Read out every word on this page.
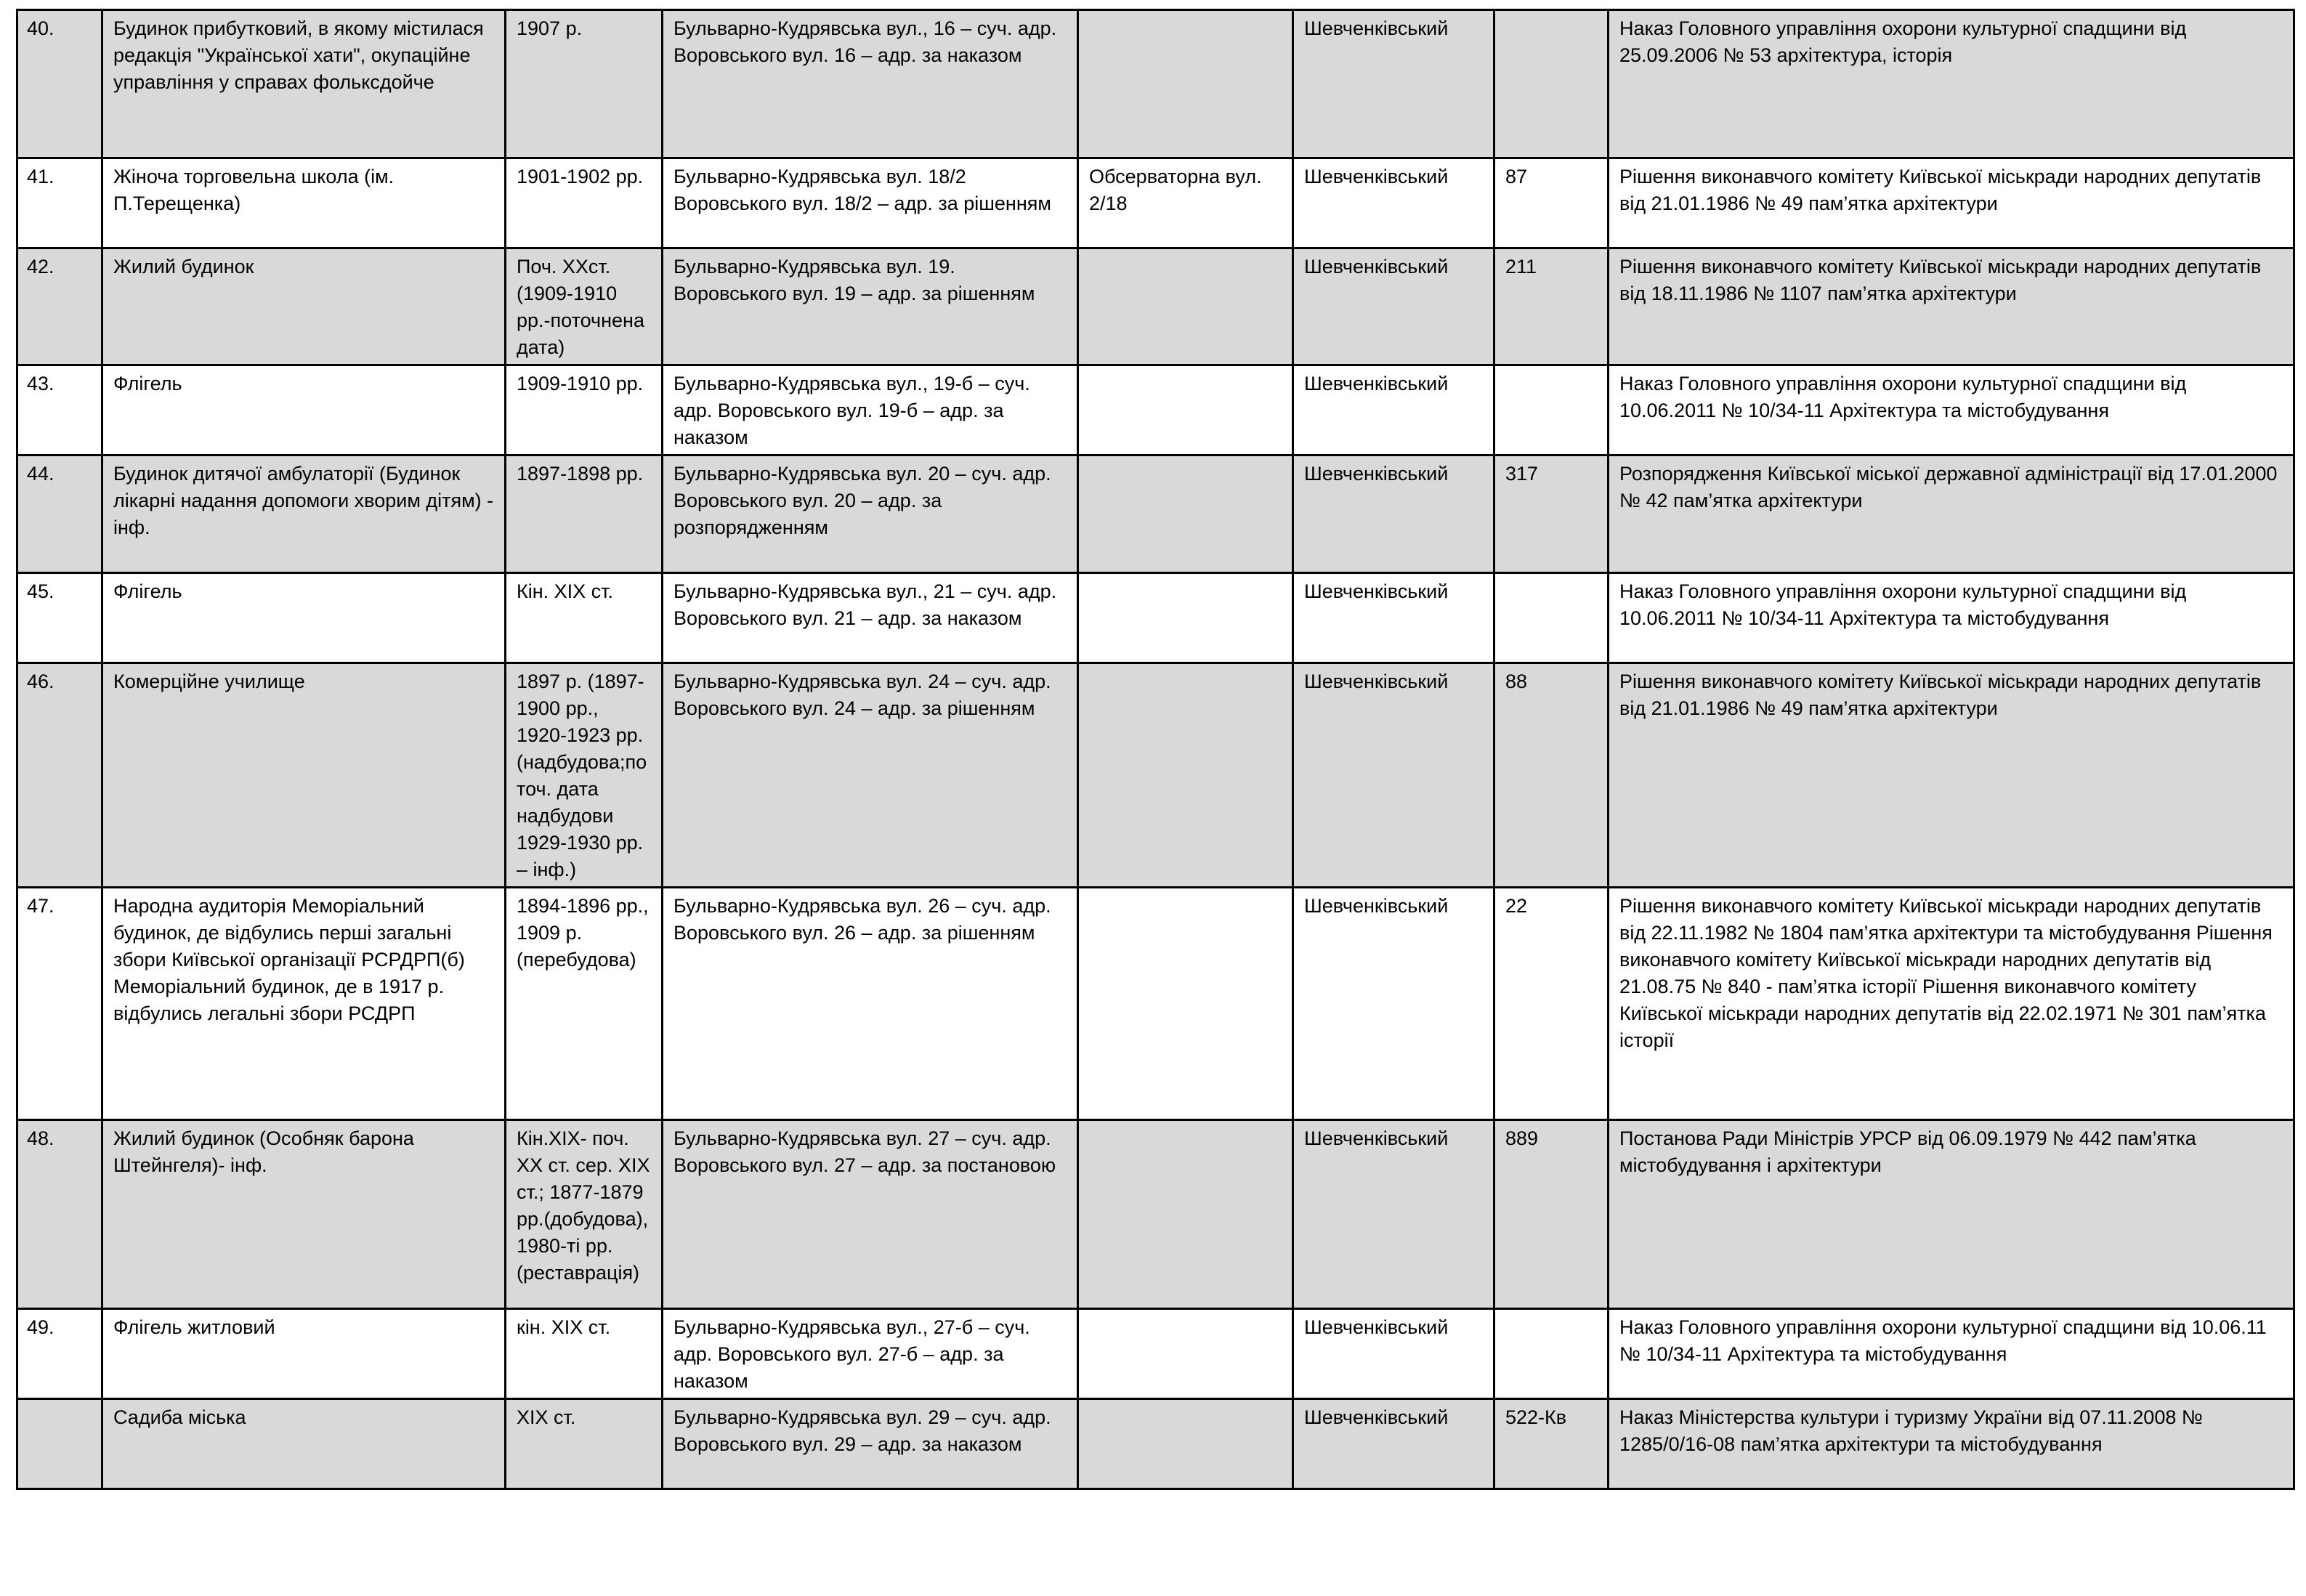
40.	Будинок прибутковий, в якому містилася редакція "Української хати", окупаційне управління у справах фольксдойче	1907 р.	Бульварно-Кудрявська вул., 16 – суч. адр. Воровського вул. 16 – адр. за наказом		Шевченківський		Наказ Головного управління охорони культурної спадщини від 25.09.2006 № 53 архітектура, історія
41.	Жіноча торговельна школа (ім. П.Терещенка)	1901-1902 рр.	Бульварно-Кудрявська вул. 18/2 Воровського вул. 18/2 – адр. за рішенням	Обсерваторна вул. 2/18	Шевченківський	87	Рішення виконавчого комітету Київської міськради народних депутатів від 21.01.1986 № 49 пам’ятка архітектури
42.	Жилий будинок	Поч. ХХст. (1909-1910 рр.-поточнена дата)	Бульварно-Кудрявська вул. 19. Воровського вул. 19 – адр. за рішенням		Шевченківський	211	Рішення виконавчого комітету Київської міськради народних депутатів від 18.11.1986 № 1107 пам’ятка архітектури
43.	Флігель	1909-1910 рр.	Бульварно-Кудрявська вул., 19-б – суч. адр. Воровського вул. 19-б – адр. за наказом		Шевченківський		Наказ Головного управління охорони культурної спадщини від 10.06.2011 № 10/34-11 Архітектура та містобудування
44.	Будинок дитячої амбулаторії (Будинок лікарні надання допомоги хворим дітям) - інф.	1897-1898 рр.	Бульварно-Кудрявська вул. 20 – суч. адр. Воровського вул. 20 – адр. за розпорядженням		Шевченківський	317	Розпорядження Київської міської державної адміністрації від 17.01.2000 № 42 пам’ятка архітектури
45.	Флігель	Кін. ХІХ ст.	Бульварно-Кудрявська вул., 21 – суч. адр. Воровського вул. 21 – адр. за наказом		Шевченківський		Наказ Головного управління охорони культурної спадщини від 10.06.2011 № 10/34-11 Архітектура та містобудування
46.	Комерційне училище	1897 р. (1897-1900 рр., 1920-1923 рр.(надбудова;поточ. дата надбудови 1929-1930 рр. – інф.)	Бульварно-Кудрявська вул. 24 – суч. адр. Воровського вул. 24 – адр. за рішенням		Шевченківський	88	Рішення виконавчого комітету Київської міськради народних депутатів від 21.01.1986 № 49 пам’ятка архітектури
47.	Народна аудиторія Меморіальний будинок, де відбулись перші загальні збори Київської організації РСРДРП(б) Меморіальний будинок, де в 1917 р. відбулись легальні збори РСДРП	1894-1896 рр., 1909 р.(перебудова)	Бульварно-Кудрявська вул. 26 – суч. адр. Воровського вул. 26 – адр. за рішенням		Шевченківський	22	Рішення виконавчого комітету Київської міськради народних депутатів від 22.11.1982 № 1804 пам’ятка архітектури та містобудування Рішення виконавчого комітету Київської міськради народних депутатів від 21.08.75 № 840 - пам’ятка історії Рішення виконавчого комітету Київської міськради народних депутатів від 22.02.1971 № 301 пам’ятка історії
48.	Жилий будинок (Особняк барона Штейнгеля)- інф.	Кін.ХІХ- поч. ХХ ст. сер. ХІХ ст.; 1877-1879 рр.(добудова), 1980-ті рр.(реставрація)	Бульварно-Кудрявська вул. 27 – суч. адр. Воровського вул. 27 – адр. за постановою		Шевченківський	889	Постанова Ради Міністрів УРСР від 06.09.1979 № 442 пам’ятка містобудування і архітектури
49.	Флігель житловий	кін. ХІХ ст.	Бульварно-Кудрявська вул., 27-б – суч. адр. Воровського вул. 27-б – адр. за наказом		Шевченківський		Наказ Головного управління охорони культурної спадщини від 10.06.11 № 10/34-11 Архітектура та містобудування
	Садиба міська	ХІХ ст.	Бульварно-Кудрявська вул. 29 – суч. адр. Воровського вул. 29 – адр. за наказом		Шевченківський	522-Кв	Наказ Міністерства культури і туризму України від 07.11.2008 № 1285/0/16-08 пам’ятка архітектури та містобудування
